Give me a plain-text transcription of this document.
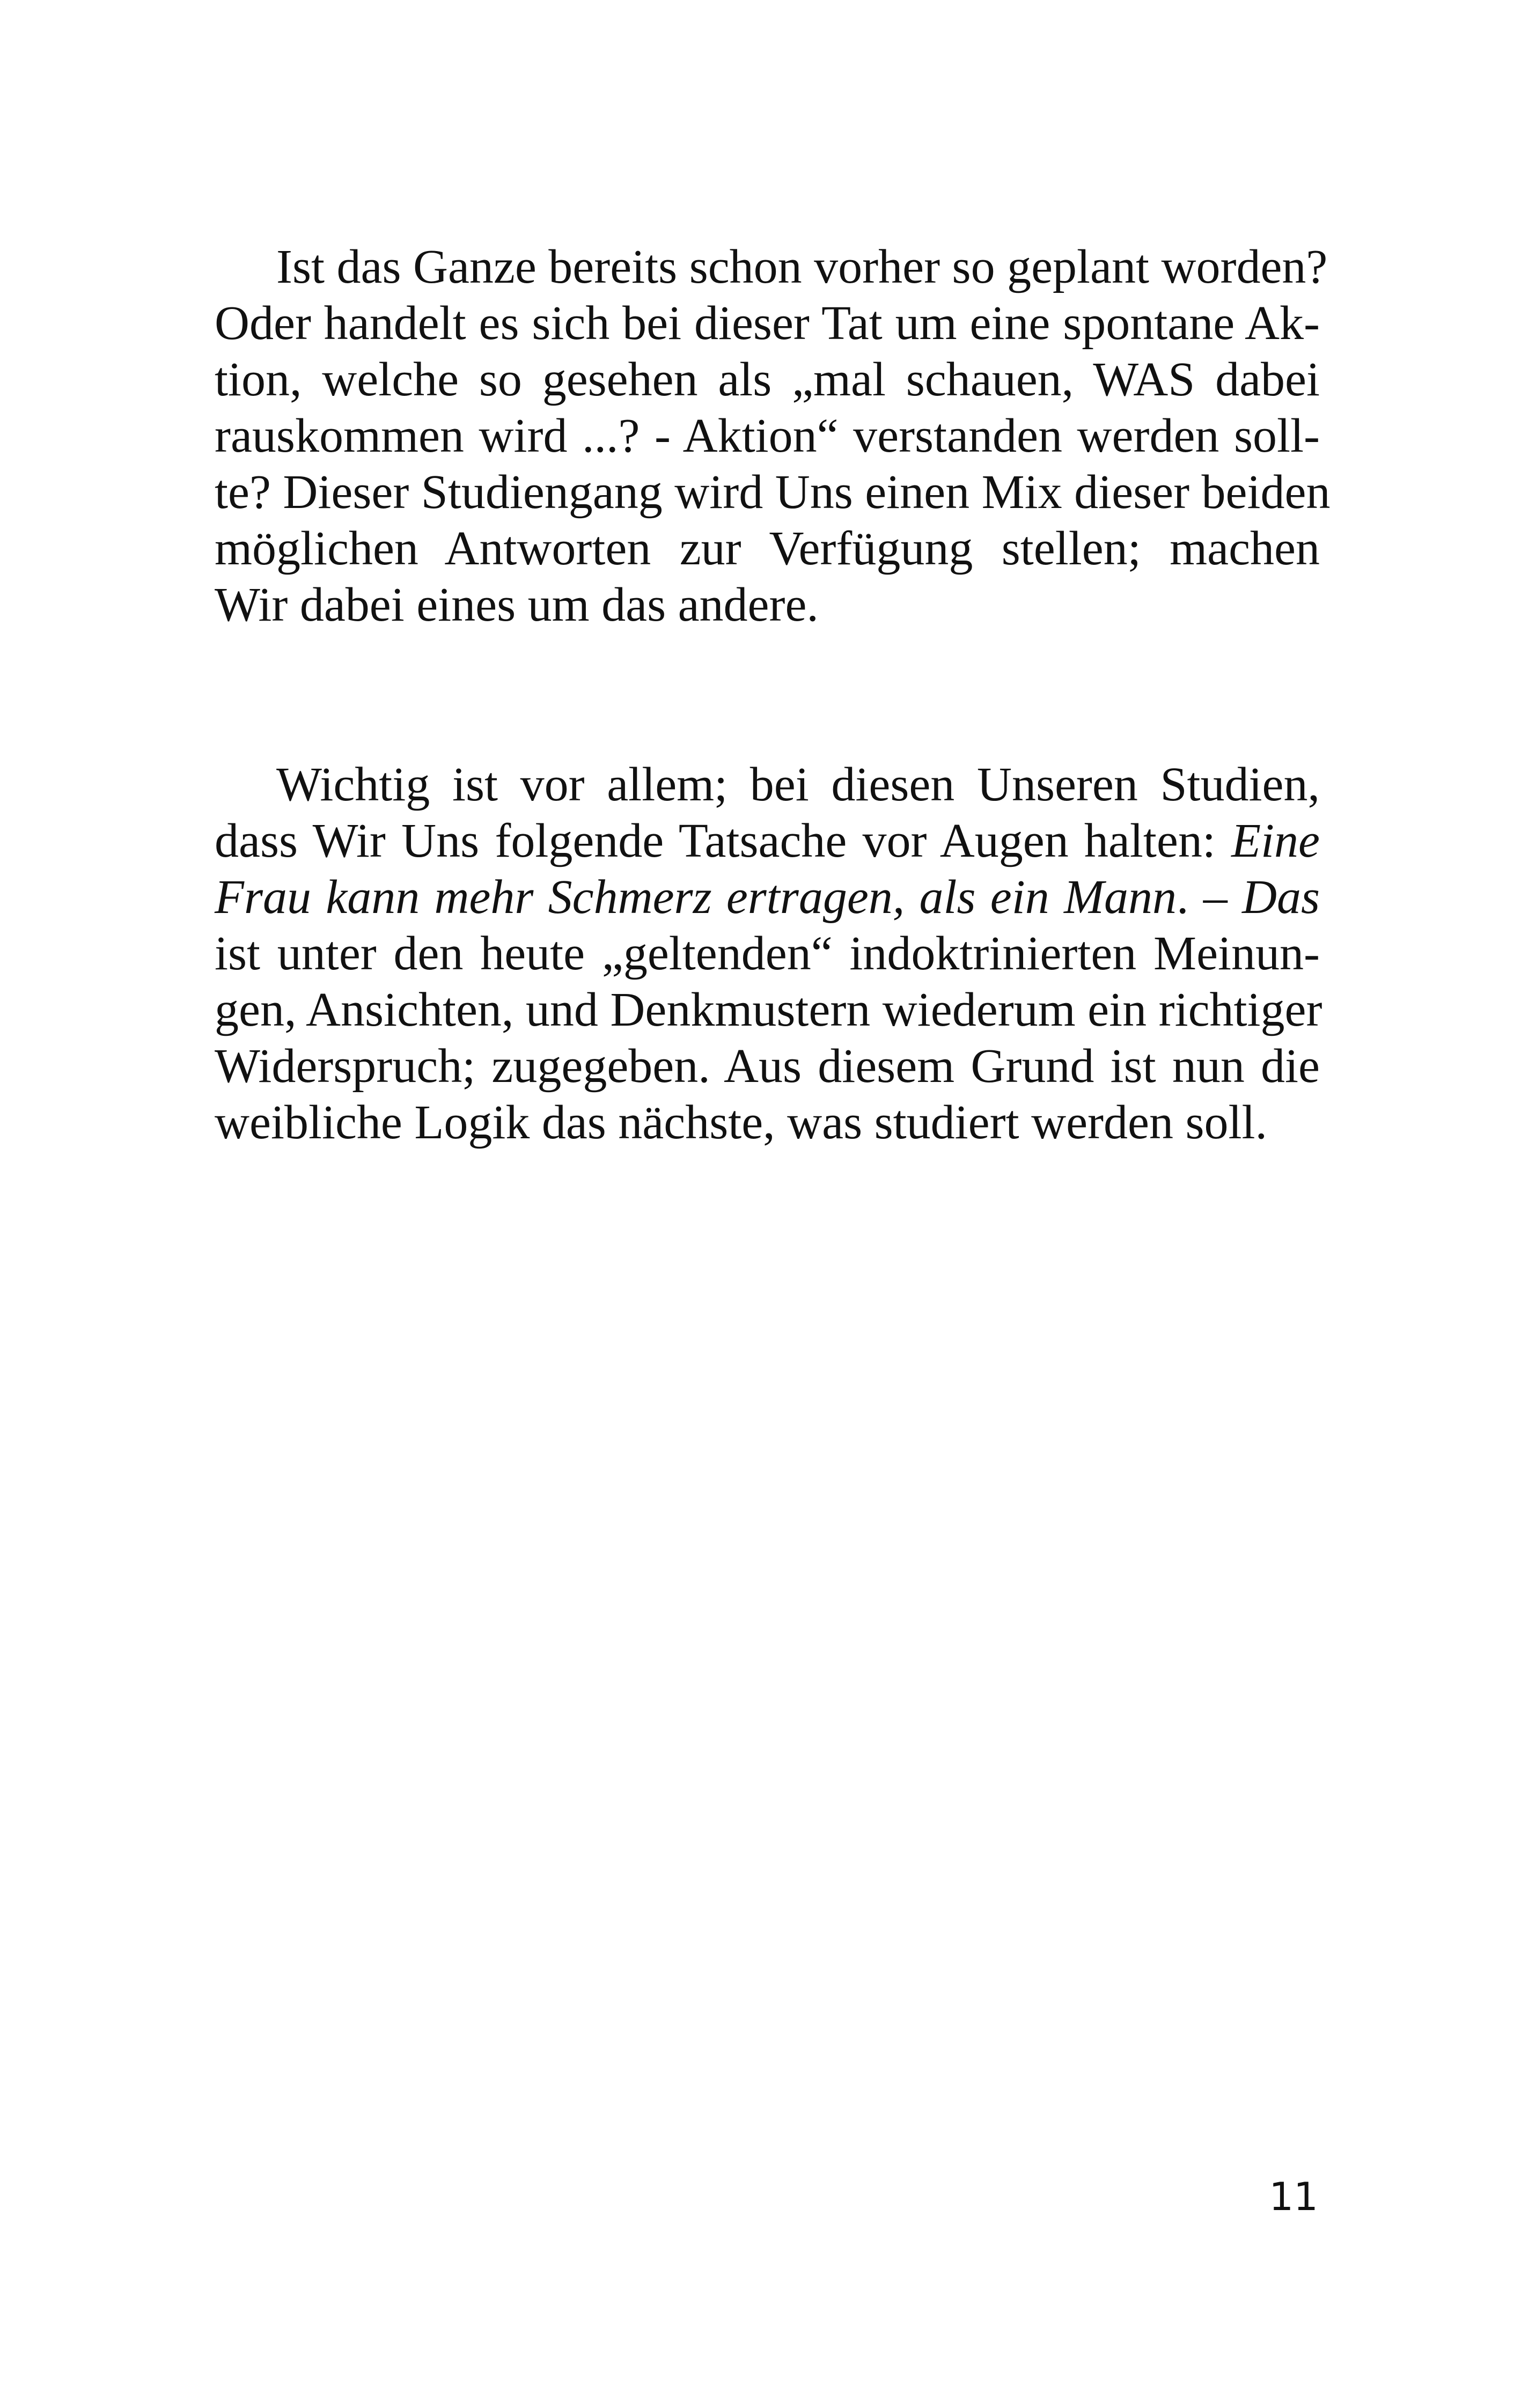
Ist das Ganze bereits schon vorher so geplant worden?
Oder handelt es sich bei dieser Tat um eine spontane Ak-
tion, welche so gesehen als „mal schauen, WAS dabei
rauskommen wird ...? - Aktion“ verstanden werden soll-
te? Dieser Studiengang wird Uns einen Mix dieser beiden
möglichen Antworten zur Verfügung stellen; machen
Wir dabei eines um das andere.
Wichtig ist vor allem; bei diesen Unseren Studien,
dass Wir Uns folgende Tatsache vor Augen halten: Eine
Frau kann mehr Schmerz ertragen, als ein Mann. – Das
ist unter den heute „geltenden“ indoktrinierten Meinun-
gen, Ansichten, und Denkmustern wiederum ein richtiger
Widerspruch; zugegeben. Aus diesem Grund ist nun die
weibliche Logik das nächste, was studiert werden soll.
11
